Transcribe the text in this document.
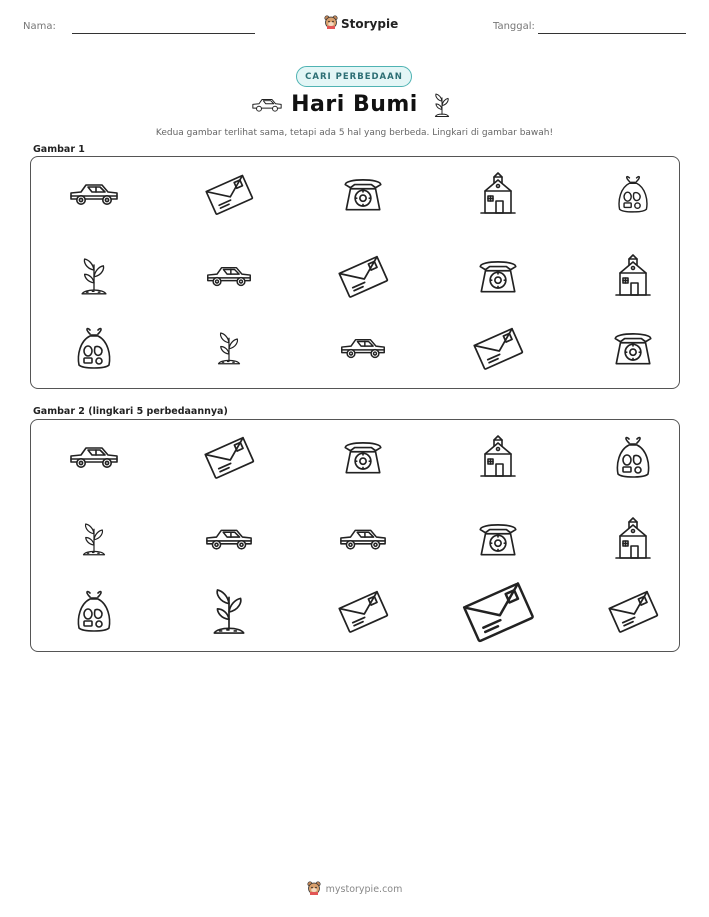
Nama:	Storypie	Tanggal:
CARI PERBEDAAN
Hari Bumi
Kedua gambar terlihat sama, tetapi ada 5 hal yang berbeda. Lingkari di gambar bawah!
Gambar 1
Gambar 2 (lingkari 5 perbedaannya)
mystorypie.com
